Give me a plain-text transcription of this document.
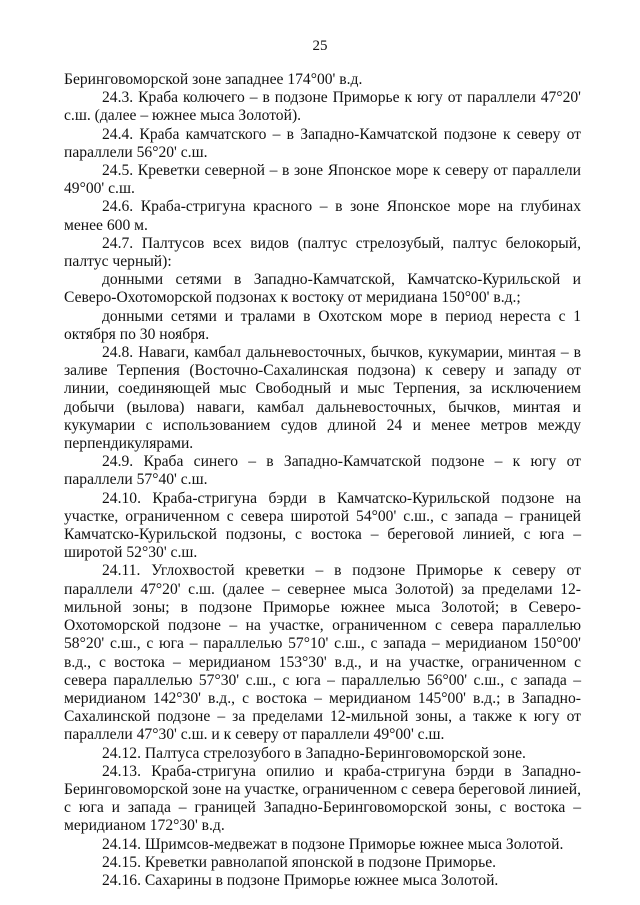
25

Беринговоморской зоне западнее 174°00' в.д.

24.3. Краба колючего – в подзоне Приморье к югу от параллели 47°20' с.ш. (далее – южнее мыса Золотой).

24.4. Краба камчатского – в Западно-Камчатской подзоне к северу от параллели 56°20' с.ш.

24.5. Креветки северной – в зоне Японское море к северу от параллели 49°00' с.ш.

24.6. Краба-стригуна красного – в зоне Японское море на глубинах менее 600 м.

24.7. Палтусов всех видов (палтус стрелозубый, палтус белокорый, палтус черный):

донными сетями в Западно-Камчатской, Камчатско-Курильской и Северо-Охотоморской подзонах к востоку от меридиана 150°00' в.д.;

донными сетями и тралами в Охотском море в период нереста с 1 октября по 30 ноября.

24.8. Наваги, камбал дальневосточных, бычков, кукумарии, минтая – в заливе Терпения (Восточно-Сахалинская подзона) к северу и западу от линии, соединяющей мыс Свободный и мыс Терпения, за исключением добычи (вылова) наваги, камбал дальневосточных, бычков, минтая и кукумарии с использованием судов длиной 24 и менее метров между перпендикулярами.

24.9. Краба синего – в Западно-Камчатской подзоне – к югу от параллели 57°40' с.ш.

24.10. Краба-стригуна бэрди в Камчатско-Курильской подзоне на участке, ограниченном с севера широтой 54°00' с.ш., с запада – границей Камчатско-Курильской подзоны, с востока – береговой линией, с юга – широтой 52°30' с.ш.

24.11. Углохвостой креветки – в подзоне Приморье к северу от параллели 47°20' с.ш. (далее – севернее мыса Золотой) за пределами 12-мильной зоны; в подзоне Приморье южнее мыса Золотой; в Северо-Охотоморской подзоне – на участке, ограниченном с севера параллелью 58°20' с.ш., с юга – параллелью 57°10' с.ш., с запада – меридианом 150°00' в.д., с востока – меридианом 153°30' в.д., и на участке, ограниченном с севера параллелью 57°30' с.ш., с юга – параллелью 56°00' с.ш., с запада – меридианом 142°30' в.д., с востока – меридианом 145°00' в.д.; в Западно-Сахалинской подзоне – за пределами 12-мильной зоны, а также к югу от параллели 47°30' с.ш. и к северу от параллели 49°00' с.ш.

24.12. Палтуса стрелозубого в Западно-Беринговоморской зоне.

24.13. Краба-стригуна опилио и краба-стригуна бэрди в Западно-Беринговоморской зоне на участке, ограниченном с севера береговой линией, с юга и запада – границей Западно-Беринговоморской зоны, с востока – меридианом 172°30' в.д.

24.14. Шримсов-медвежат в подзоне Приморье южнее мыса Золотой.

24.15. Креветки равнолапой японской в подзоне Приморье.

24.16. Сахарины в подзоне Приморье южнее мыса Золотой.
